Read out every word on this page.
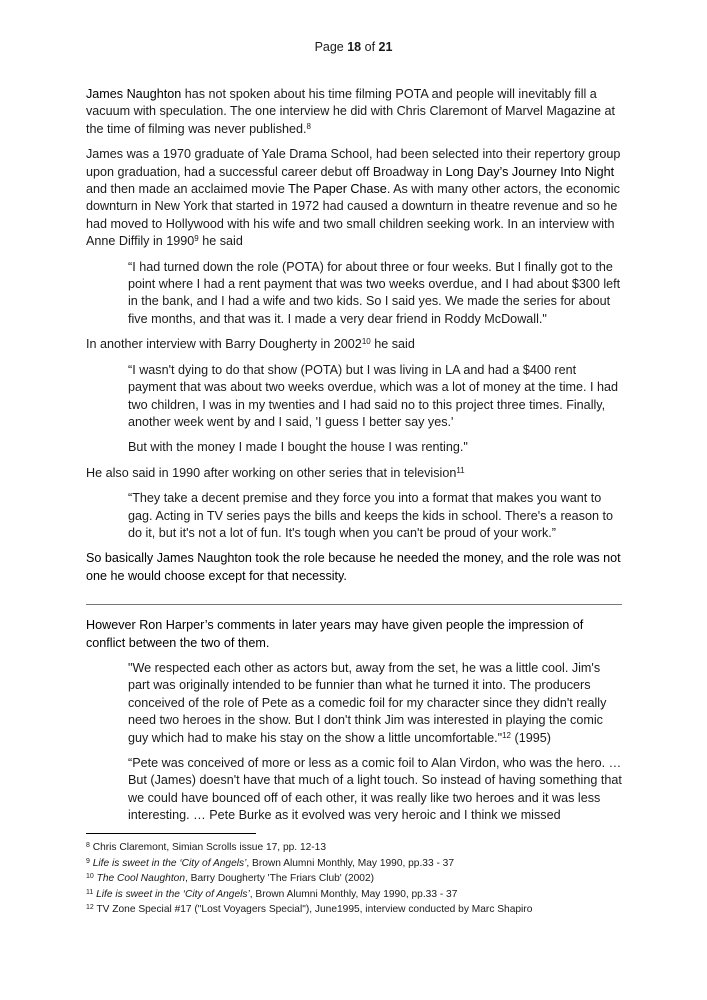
Page 18 of 21

James Naughton has not spoken about his time filming POTA and people will inevitably fill a vacuum with speculation. The one interview he did with Chris Claremont of Marvel Magazine at the time of filming was never published.$^8$

James was a 1970 graduate of Yale Drama School, had been selected into their repertory group upon graduation, had a successful career debut off Broadway in Long Day’s Journey Into Night and then made an acclaimed movie The Paper Chase. As with many other actors, the economic downturn in New York that started in 1972 had caused a downturn in theatre revenue and so he had moved to Hollywood with his wife and two small children seeking work. In an interview with Anne Diffily in 1990$^9$ he said

“I had turned down the role (POTA) for about three or four weeks. But I finally got to the point where I had a rent payment that was two weeks overdue, and I had about $300 left in the bank, and I had a wife and two kids. So I said yes. We made the series for about five months, and that was it. I made a very dear friend in Roddy McDowall."

In another interview with Barry Dougherty in 2002$^{10}$ he said

“I wasn't dying to do that show (POTA) but I was living in LA and had a $400 rent payment that was about two weeks overdue, which was a lot of money at the time. I had two children, I was in my twenties and I had said no to this project three times. Finally, another week went by and I said, 'I guess I better say yes.'

But with the money I made I bought the house I was renting."

He also said in 1990 after working on other series that in television$^{11}$

“They take a decent premise and they force you into a format that makes you want to gag. Acting in TV series pays the bills and keeps the kids in school. There's a reason to do it, but it's not a lot of fun. It's tough when you can't be proud of your work.”

So basically James Naughton took the role because he needed the money, and the role was not one he would choose except for that necessity.

However Ron Harper’s comments in later years may have given people the impression of conflict between the two of them.

"We respected each other as actors but, away from the set, he was a little cool. Jim's part was originally intended to be funnier than what he turned it into. The producers conceived of the role of Pete as a comedic foil for my character since they didn't really need two heroes in the show. But I don't think Jim was interested in playing the comic guy which had to make his stay on the show a little uncomfortable."$^{12}$ (1995)

“Pete was conceived of more or less as a comic foil to Alan Virdon, who was the hero. … But (James) doesn't have that much of a light touch. So instead of having something that we could have bounced off of each other, it was really like two heroes and it was less interesting. … Pete Burke as it evolved was very heroic and I think we missed

$^8$ Chris Claremont, Simian Scrolls issue 17, pp. 12-13
$^9$ Life is sweet in the ‘City of Angels’, Brown Alumni Monthly, May 1990, pp.33 - 37
$^{10}$ The Cool Naughton, Barry Dougherty 'The Friars Club' (2002)
$^{11}$ Life is sweet in the ‘City of Angels’, Brown Alumni Monthly, May 1990, pp.33 - 37
$^{12}$ TV Zone Special #17 ("Lost Voyagers Special"), June1995, interview conducted by Marc Shapiro
